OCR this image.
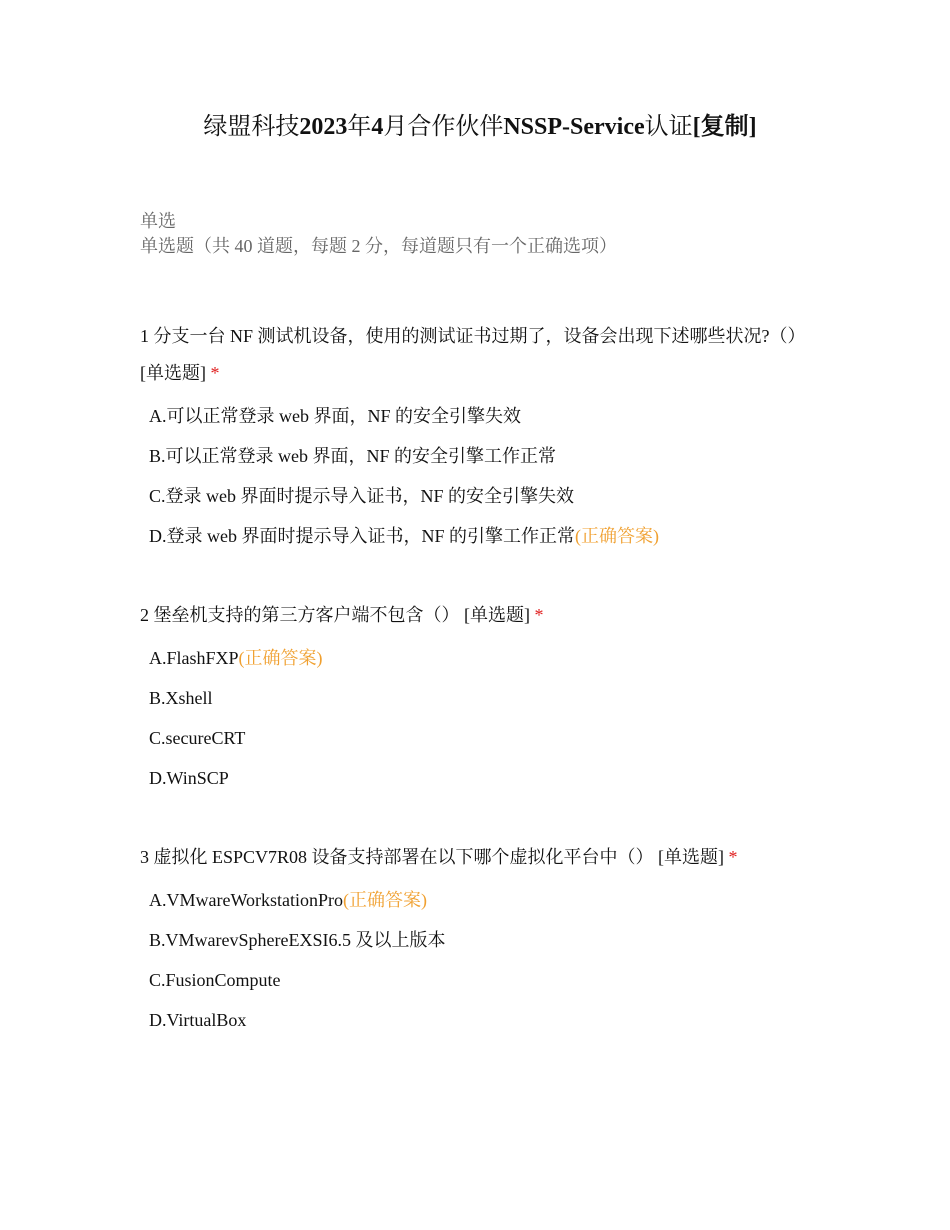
绿盟科技2023年4月合作伙伴NSSP-Service认证[复制]
单选
单选题（共 40 道题，每题 2 分，每道题只有一个正确选项）
1 分支一台 NF 测试机设备，使用的测试证书过期了，设备会出现下述哪些状况?（） [单选题] *
A.可以正常登录 web 界面，NF 的安全引擎失效
B.可以正常登录 web 界面，NF 的安全引擎工作正常
C.登录 web 界面时提示导入证书，NF 的安全引擎失效
D.登录 web 界面时提示导入证书，NF 的引擎工作正常(正确答案)
2 堡垒机支持的第三方客户端不包含（） [单选题] *
A.FlashFXP(正确答案)
B.Xshell
C.secureCRT
D.WinSCP
3 虚拟化 ESPCV7R08 设备支持部署在以下哪个虚拟化平台中（） [单选题] *
A.VMwareWorkstationPro(正确答案)
B.VMwarevSphereEXSI6.5 及以上版本
C.FusionCompute
D.VirtualBox
